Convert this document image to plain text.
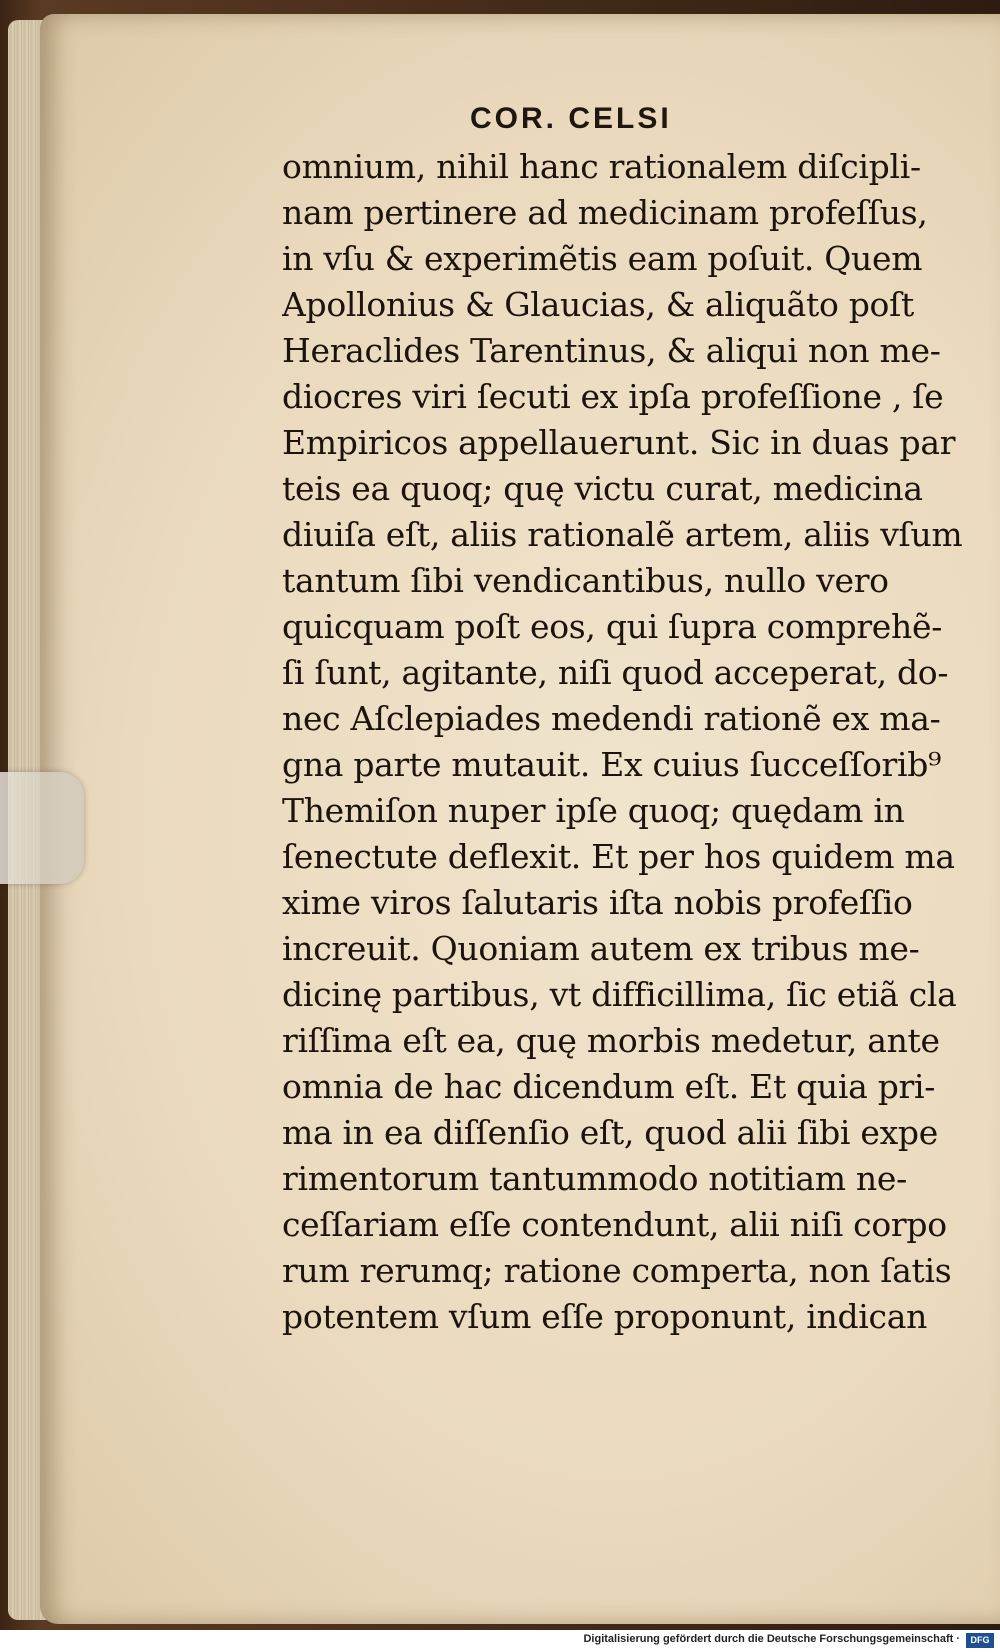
COR. CELSI
omnium, nihil hanc rationalem diſcipli-
nam pertinere ad medicinam profeſſus,
in vſu & experimẽtis eam poſuit. Quem
Apollonius & Glaucias, & aliquãto poſt
Heraclides Tarentinus, & aliqui non me-
diocres viri ſecuti ex ipſa profeſſione , ſe
Empiricos appellauerunt. Sic in duas par
teis ea quoq; quę victu curat, medicina
diuiſa eſt, aliis rationalẽ artem, aliis vſum
tantum ſibi vendicantibus, nullo vero
quicquam poſt eos, qui ſupra comprehẽ-
ſi ſunt, agitante, niſi quod acceperat, do-
nec Aſclepiades medendi rationẽ ex ma-
gna parte mutauit. Ex cuius ſucceſſorib⁹
Themiſon nuper ipſe quoq; quędam in
ſenectute deflexit. Et per hos quidem ma
xime viros ſalutaris iſta nobis profeſſio
increuit. Quoniam autem ex tribus me-
dicinę partibus, vt difficillima, ſic etiã cla
riſſima eſt ea, quę morbis medetur, ante
omnia de hac dicendum eſt. Et quia pri-
ma in ea diſſenſio eſt, quod alii ſibi expe
rimentorum tantummodo notitiam ne-
ceſſariam eſſe contendunt, alii niſi corpo
rum rerumq; ratione comperta, non ſatis
potentem vſum eſſe proponunt, indican
Digitalisierung gefördert durch die Deutsche Forschungsgemeinschaft ·	DFG
